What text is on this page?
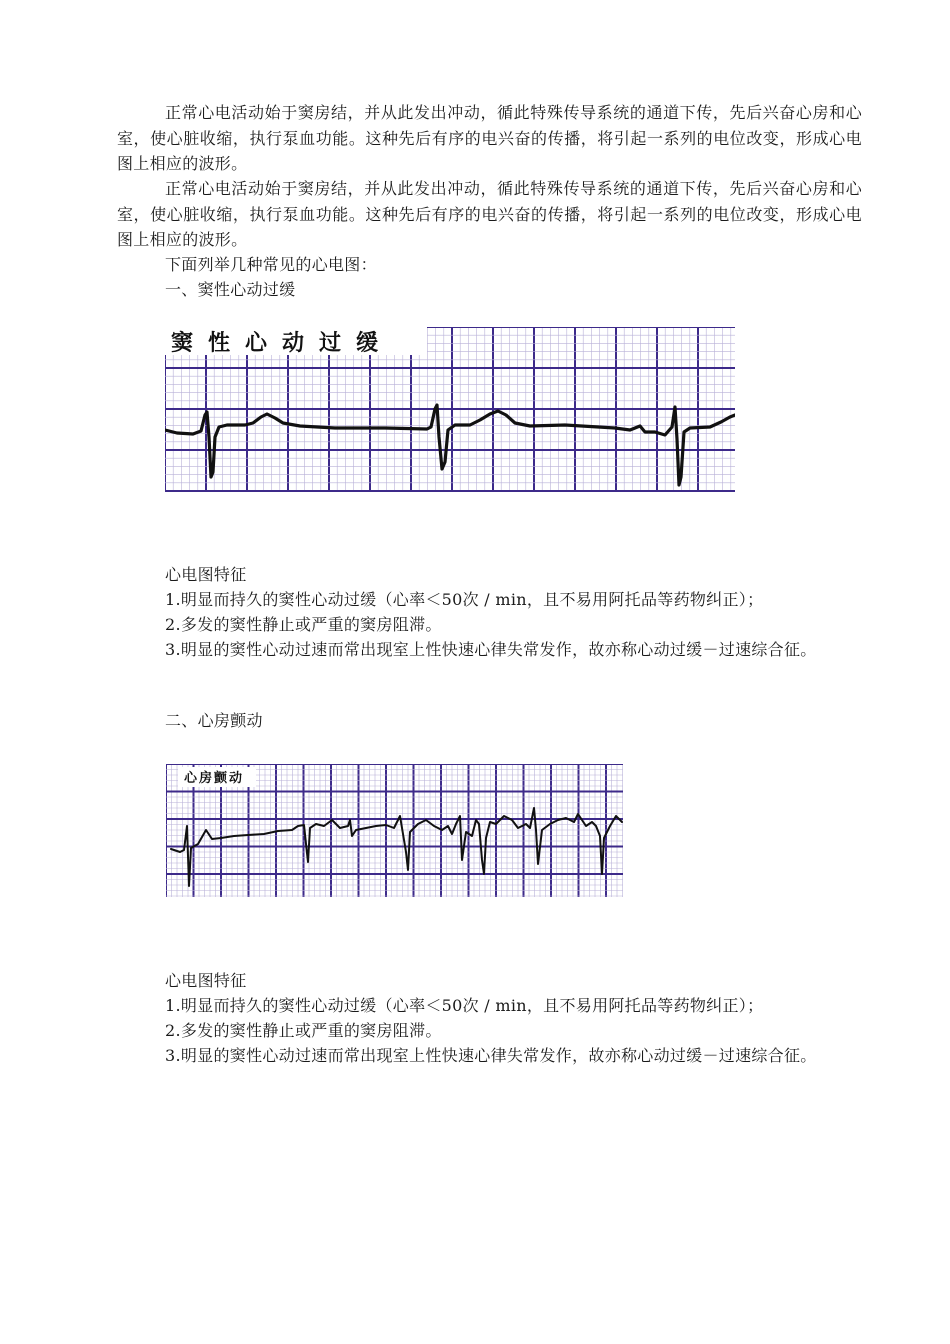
正常心电活动始于窦房结，并从此发出冲动，循此特殊传导系统的通道下传，先后兴奋心房和心室，使心脏收缩，执行泵血功能。这种先后有序的电兴奋的传播，将引起一系列的电位改变，形成心电图上相应的波形。

正常心电活动始于窦房结，并从此发出冲动，循此特殊传导系统的通道下传，先后兴奋心房和心室，使心脏收缩，执行泵血功能。这种先后有序的电兴奋的传播，将引起一系列的电位改变，形成心电图上相应的波形。

下面列举几种常见的心电图：

一、窦性心动过缓

窦性心动过缓

心电图特征

1.明显而持久的窦性心动过缓（心率＜50次 / min，且不易用阿托品等药物纠正）；

2.多发的窦性静止或严重的窦房阻滞。

3.明显的窦性心动过速而常出现室上性快速心律失常发作，故亦称心动过缓－过速综合征。

二、心房颤动

心房颤动

心电图特征

1.明显而持久的窦性心动过缓（心率＜50次 / min，且不易用阿托品等药物纠正）；

2.多发的窦性静止或严重的窦房阻滞。

3.明显的窦性心动过速而常出现室上性快速心律失常发作，故亦称心动过缓－过速综合征。
